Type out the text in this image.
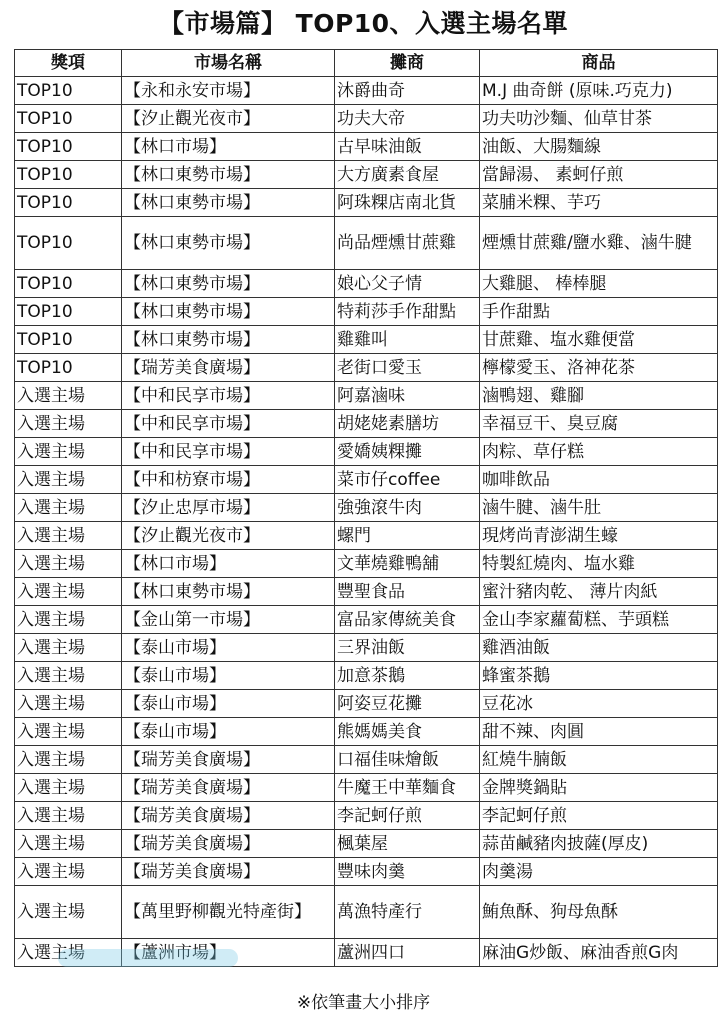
【市場篇】 TOP10、入選主場名單
獎項	市場名稱	攤商	商品
TOP10	【永和永安市場】	沐爵曲奇	M.J 曲奇餅 (原味.巧克力)
TOP10	【汐止觀光夜市】	功夫大帝	功夫叻沙麵、仙草甘茶
TOP10	【林口市場】	古早味油飯	油飯、大腸麵線
TOP10	【林口東勢市場】	大方廣素食屋	當歸湯、 素蚵仔煎
TOP10	【林口東勢市場】	阿珠粿店南北貨	菜脯米粿、芋巧
TOP10	【林口東勢市場】	尚品煙燻甘蔗雞	煙燻甘蔗雞/鹽水雞、滷牛腱
TOP10	【林口東勢市場】	娘心父子情	大雞腿、 棒棒腿
TOP10	【林口東勢市場】	特莉莎手作甜點	手作甜點
TOP10	【林口東勢市場】	雞雞叫	甘蔗雞、塩水雞便當
TOP10	【瑞芳美食廣場】	老街口愛玉	檸檬愛玉、洛神花茶
入選主場	【中和民享市場】	阿嘉滷味	滷鴨翅、雞腳
入選主場	【中和民享市場】	胡姥姥素膳坊	幸福豆干、臭豆腐
入選主場	【中和民享市場】	愛嬌姨粿攤	肉粽、草仔糕
入選主場	【中和枋寮市場】	菜市仔coffee	咖啡飲品
入選主場	【汐止忠厚市場】	強強滾牛肉	滷牛腱、滷牛肚
入選主場	【汐止觀光夜市】	螺門	現烤尚青澎湖生蠔
入選主場	【林口市場】	文華燒雞鴨舖	特製紅燒肉、塩水雞
入選主場	【林口東勢市場】	豐聖食品	蜜汁豬肉乾、 薄片肉紙
入選主場	【金山第一市場】	富品家傳統美食	金山李家蘿蔔糕、芋頭糕
入選主場	【泰山市場】	三界油飯	雞酒油飯
入選主場	【泰山市場】	加意茶鵝	蜂蜜茶鵝
入選主場	【泰山市場】	阿姿豆花攤	豆花冰
入選主場	【泰山市場】	熊媽媽美食	甜不辣、肉圓
入選主場	【瑞芳美食廣場】	口福佳味燴飯	紅燒牛腩飯
入選主場	【瑞芳美食廣場】	牛魔王中華麵食	金牌獎鍋貼
入選主場	【瑞芳美食廣場】	李記蚵仔煎	李記蚵仔煎
入選主場	【瑞芳美食廣場】	楓葉屋	蒜苗鹹豬肉披薩(厚皮)
入選主場	【瑞芳美食廣場】	豐味肉羹	肉羹湯
入選主場	【萬里野柳觀光特產街】	萬漁特產行	鮪魚酥、狗母魚酥
入選主場	【蘆洲市場】	蘆洲四口	麻油G炒飯、麻油香煎G肉
※依筆畫大小排序
